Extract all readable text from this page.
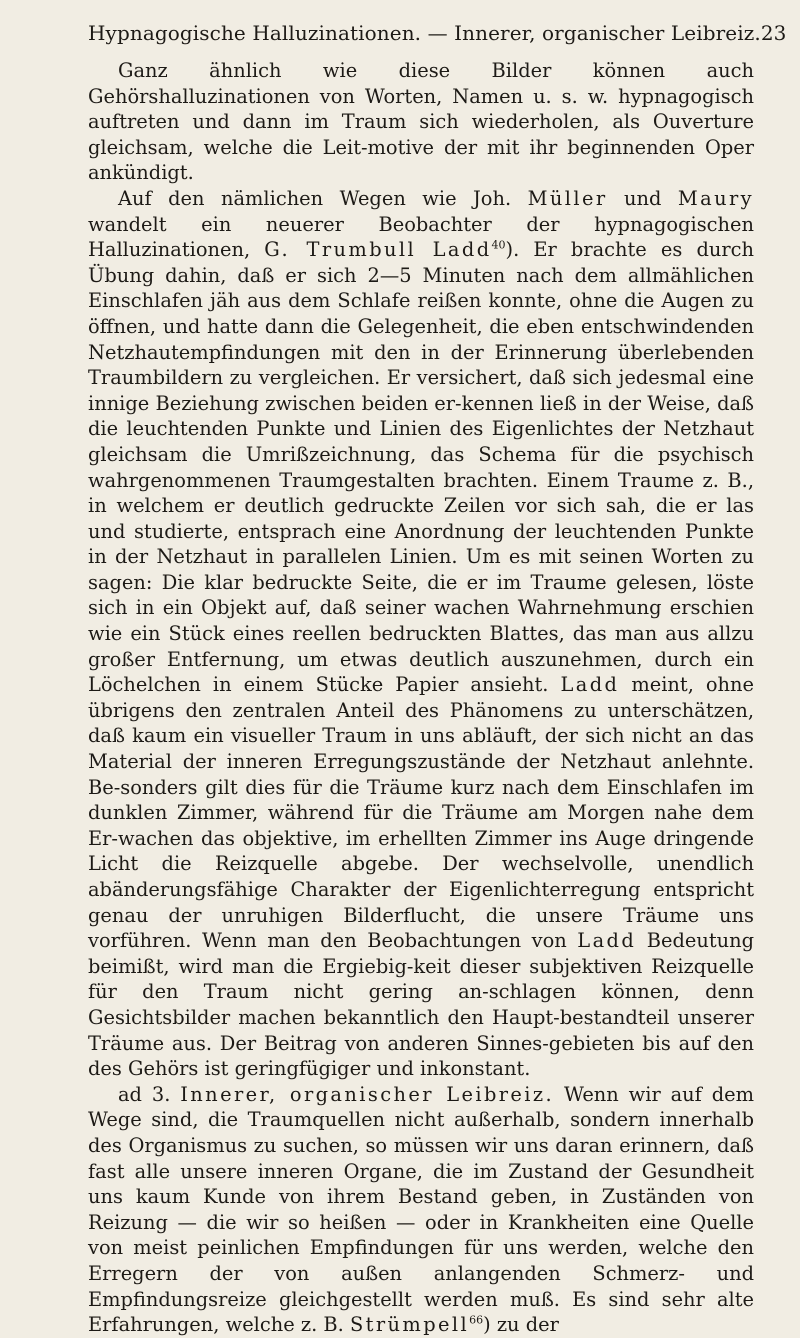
Hypnagogische Halluzinationen. — Innerer, organischer Leibreiz. 23

Ganz ähnlich wie diese Bilder können auch Gehörshalluzinationen von Worten, Namen u. s. w. hypnagogisch auftreten und dann im Traum sich wiederholen, als Ouverture gleichsam, welche die Leit-motive der mit ihr beginnenden Oper ankündigt.

Auf den nämlichen Wegen wie Joh. Müller und Maury wandelt ein neuerer Beobachter der hypnagogischen Halluzinationen, G. Trumbull Ladd$^{40}$). Er brachte es durch Übung dahin, daß er sich 2—5 Minuten nach dem allmählichen Einschlafen jäh aus dem Schlafe reißen konnte, ohne die Augen zu öffnen, und hatte dann die Gelegenheit, die eben entschwindenden Netzhautempfindungen mit den in der Erinnerung überlebenden Traumbildern zu vergleichen. Er versichert, daß sich jedesmal eine innige Beziehung zwischen beiden er-kennen ließ in der Weise, daß die leuchtenden Punkte und Linien des Eigenlichtes der Netzhaut gleichsam die Umrißzeichnung, das Schema für die psychisch wahrgenommenen Traumgestalten brachten. Einem Traume z. B., in welchem er deutlich gedruckte Zeilen vor sich sah, die er las und studierte, entsprach eine Anordnung der leuchtenden Punkte in der Netzhaut in parallelen Linien. Um es mit seinen Worten zu sagen: Die klar bedruckte Seite, die er im Traume gelesen, löste sich in ein Objekt auf, daß seiner wachen Wahrnehmung erschien wie ein Stück eines reellen bedruckten Blattes, das man aus allzu großer Entfernung, um etwas deutlich auszunehmen, durch ein Löchelchen in einem Stücke Papier ansieht. Ladd meint, ohne übrigens den zentralen Anteil des Phänomens zu unterschätzen, daß kaum ein visueller Traum in uns abläuft, der sich nicht an das Material der inneren Erregungszustände der Netzhaut anlehnte. Be-sonders gilt dies für die Träume kurz nach dem Einschlafen im dunklen Zimmer, während für die Träume am Morgen nahe dem Er-wachen das objektive, im erhellten Zimmer ins Auge dringende Licht die Reizquelle abgebe. Der wechselvolle, unendlich abänderungsfähige Charakter der Eigenlichterregung entspricht genau der unruhigen Bilderflucht, die unsere Träume uns vorführen. Wenn man den Beobachtungen von Ladd Bedeutung beimißt, wird man die Ergiebig-keit dieser subjektiven Reizquelle für den Traum nicht gering an-schlagen können, denn Gesichtsbilder machen bekanntlich den Haupt-bestandteil unserer Träume aus. Der Beitrag von anderen Sinnes-gebieten bis auf den des Gehörs ist geringfügiger und inkonstant.

ad 3. Innerer, organischer Leibreiz. Wenn wir auf dem Wege sind, die Traumquellen nicht außerhalb, sondern innerhalb des Organismus zu suchen, so müssen wir uns daran erinnern, daß fast alle unsere inneren Organe, die im Zustand der Gesundheit uns kaum Kunde von ihrem Bestand geben, in Zuständen von Reizung — die wir so heißen — oder in Krankheiten eine Quelle von meist peinlichen Empfindungen für uns werden, welche den Erregern der von außen anlangenden Schmerz- und Empfindungsreize gleichgestellt werden muß. Es sind sehr alte Erfahrungen, welche z. B. Strümpell$^{66}$) zu der
